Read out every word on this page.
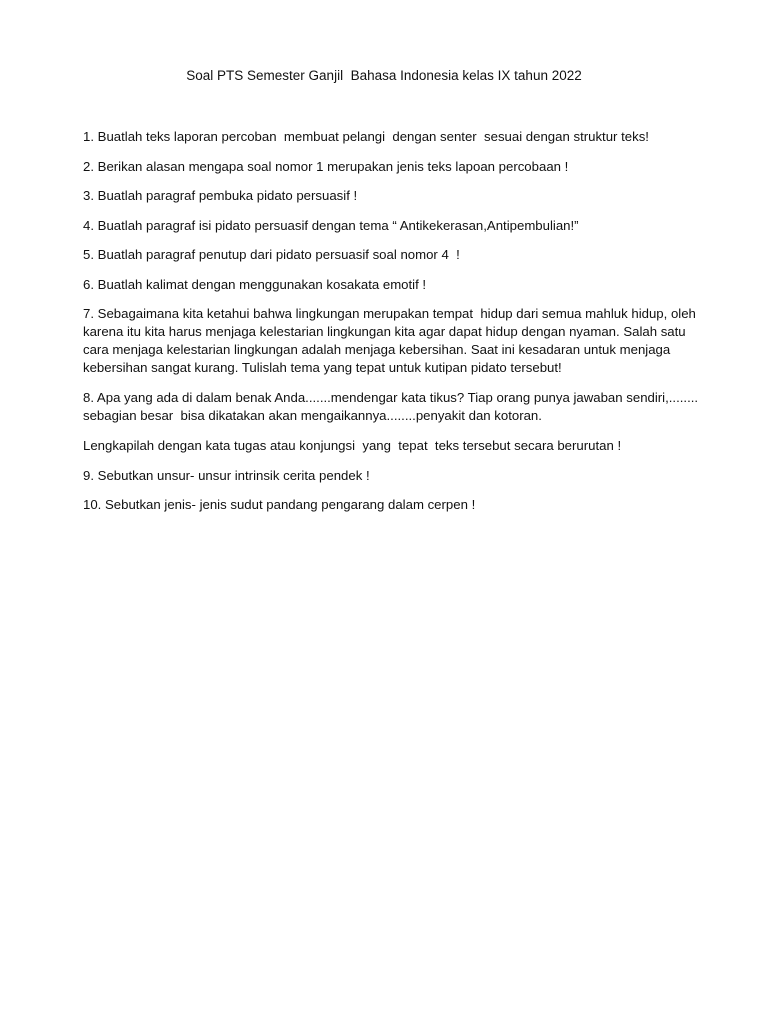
Soal PTS Semester Ganjil  Bahasa Indonesia kelas IX tahun 2022
1. Buatlah teks laporan percoban  membuat pelangi  dengan senter  sesuai dengan struktur teks!
2. Berikan alasan mengapa soal nomor 1 merupakan jenis teks lapoan percobaan !
3. Buatlah paragraf pembuka pidato persuasif !
4. Buatlah paragraf isi pidato persuasif dengan tema “ Antikekerasan,Antipembulian!”
5. Buatlah paragraf penutup dari pidato persuasif soal nomor 4  !
6. Buatlah kalimat dengan menggunakan kosakata emotif !
7. Sebagaimana kita ketahui bahwa lingkungan merupakan tempat  hidup dari semua mahluk hidup, oleh karena itu kita harus menjaga kelestarian lingkungan kita agar dapat hidup dengan nyaman. Salah satu cara menjaga kelestarian lingkungan adalah menjaga kebersihan. Saat ini kesadaran untuk menjaga kebersihan sangat kurang. Tulislah tema yang tepat untuk kutipan pidato tersebut!
8. Apa yang ada di dalam benak Anda.......mendengar kata tikus? Tiap orang punya jawaban sendiri,........ sebagian besar  bisa dikatakan akan mengaikannya........penyakit dan kotoran.
Lengkapilah dengan kata tugas atau konjungsi  yang  tepat  teks tersebut secara berurutan !
9. Sebutkan unsur- unsur intrinsik cerita pendek !
10. Sebutkan jenis- jenis sudut pandang pengarang dalam cerpen !
